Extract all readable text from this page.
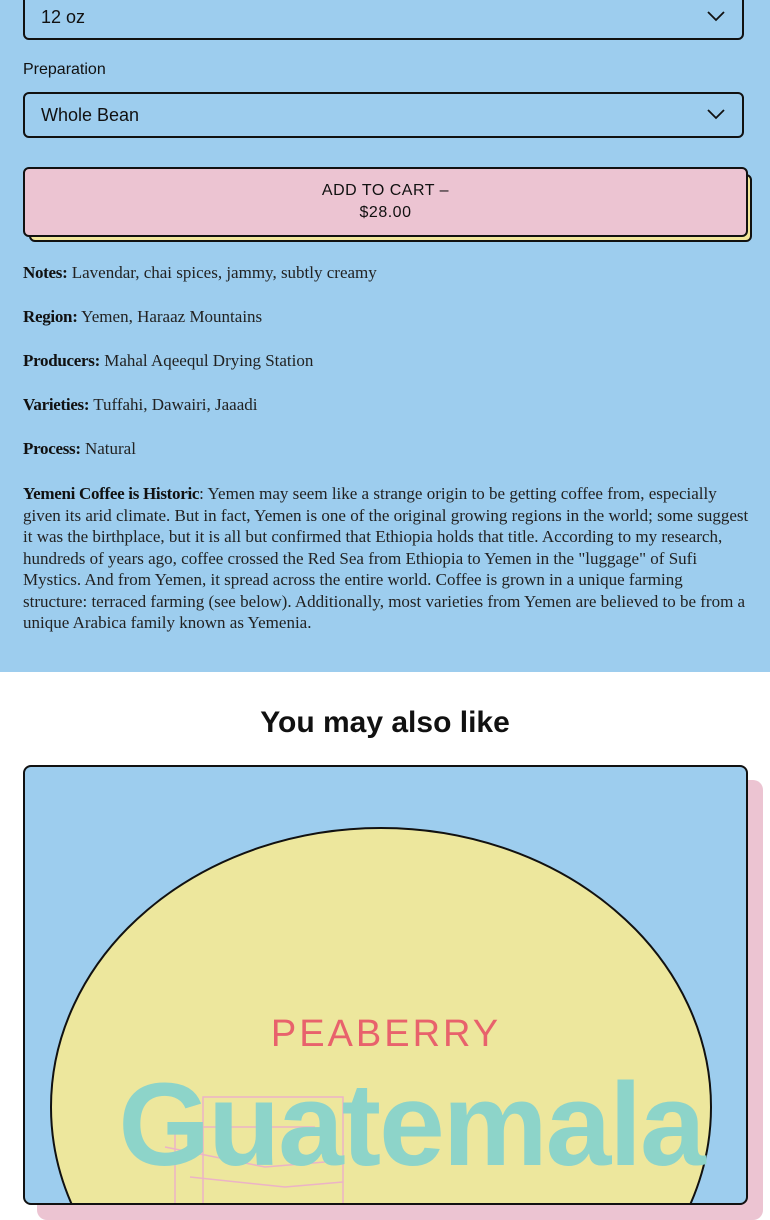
12 oz
Preparation
Whole Bean
ADD TO CART –
$28.00
Notes: Lavendar, chai spices, jammy, subtly creamy
Region: Yemen, Haraaz Mountains
Producers: Mahal Aqeequl Drying Station
Varieties: Tuffahi, Dawairi, Jaaadi
Process: Natural
Yemeni Coffee is Historic: Yemen may seem like a strange origin to be getting coffee from, especially given its arid climate. But in fact, Yemen is one of the original growing regions in the world; some suggest it was the birthplace, but it is all but confirmed that Ethiopia holds that title. According to my research, hundreds of years ago, coffee crossed the Red Sea from Ethiopia to Yemen in the "luggage" of Sufi Mystics. And from Yemen, it spread across the entire world. Coffee is grown in a unique farming structure: terraced farming (see below). Additionally, most varieties from Yemen are believed to be from a unique Arabica family known as Yemenia.
You may also like
PEABERRY
Guatemala
